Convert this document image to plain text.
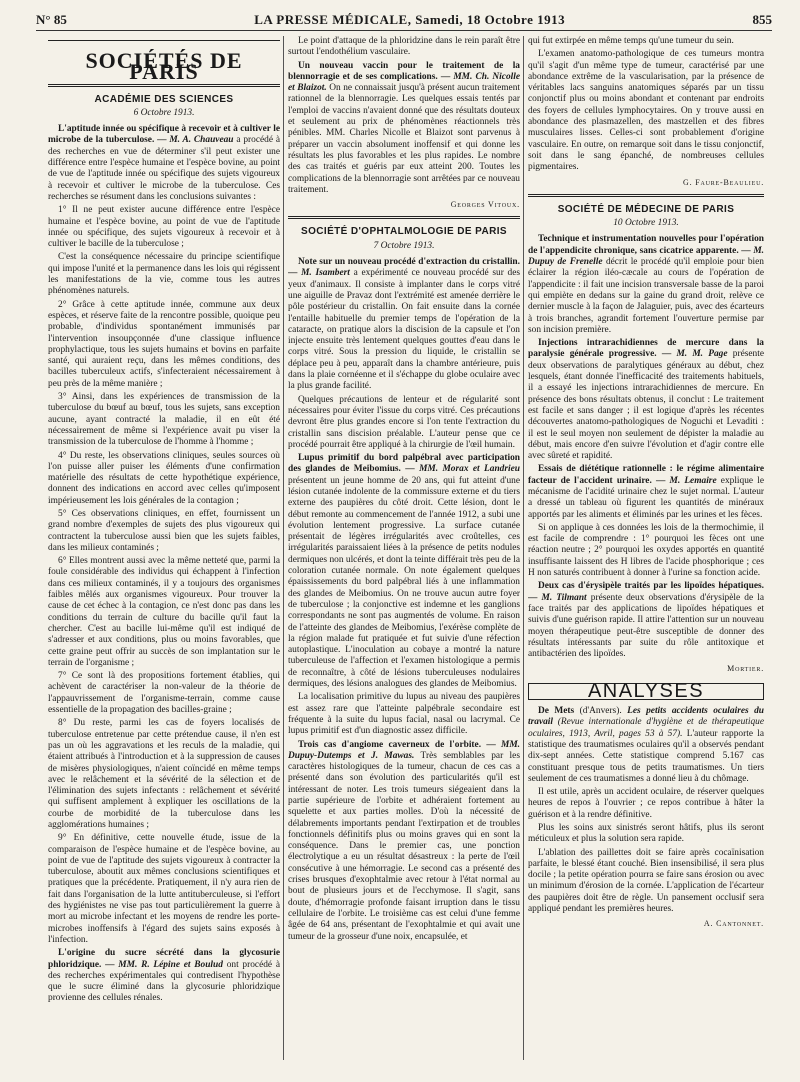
N° 85	LA PRESSE MÉDICALE, Samedi, 18 Octobre 1913	855
SOCIÉTÉS DE PARIS
ACADÉMIE DES SCIENCES
6 Octobre 1913.

L'aptitude innée ou spécifique à recevoir et à cultiver le microbe de la tuberculose. — M. A. Chauveau a procédé à des recherches en vue de déterminer s'il peut exister une différence entre l'espèce humaine et l'espèce bovine, au point de vue de l'aptitude innée ou spécifique des sujets vigoureux à recevoir et cultiver le microbe de la tuberculose. Ces recherches se résument dans les conclusions suivantes :

1° Il ne peut exister aucune différence entre l'espèce humaine et l'espèce bovine, au point de vue de l'aptitude innée ou spécifique, des sujets vigoureux à recevoir et à cultiver le bacille de la tuberculose ;

C'est la conséquence nécessaire du principe scientifique qui impose l'unité et la permanence dans les lois qui régissent les manifestations de la vie, comme tous les autres phénomènes naturels.

2° Grâce à cette aptitude innée, commune aux deux espèces, et réserve faite de la rencontre possible, quoique peu probable, d'individus spontanément immunisés par l'intervention insoupçonnée d'une classique influence prophylactique, tous les sujets humains et bovins en parfaite santé, qui auraient reçu, dans les mêmes conditions, des bacilles tuberculeux actifs, s'infecteraient nécessairement à peu près de la même manière ;

3° Ainsi, dans les expériences de transmission de la tuberculose du bœuf au bœuf, tous les sujets, sans exception aucune, ayant contracté la maladie, il en eût été nécessairement de même si l'expérience avait pu viser la transmission de la tuberculose de l'homme à l'homme ;

4° Du reste, les observations cliniques, seules sources où l'on puisse aller puiser les éléments d'une confirmation matérielle des résultats de cette hypothétique expérience, donnent des indications en accord avec celles qu'imposent impérieusement les lois générales de la contagion ;

5° Ces observations cliniques, en effet, fournissent un grand nombre d'exemples de sujets des plus vigoureux qui contractent la tuberculose aussi bien que les sujets faibles, dans les milieux contaminés ;

6° Elles montrent aussi avec la même netteté que, parmi la foule considérable des individus qui échappent à l'infection dans ces milieux contaminés, il y a toujours des organismes faibles mêlés aux organismes vigoureux. Pour trouver la cause de cet échec à la contagion, ce n'est donc pas dans les conditions du terrain de culture du bacille qu'il faut la chercher. C'est au bacille lui-même qu'il est indiqué de s'adresser et aux conditions, plus ou moins favorables, que cette graine peut offrir au succès de son implantation sur le terrain de l'organisme ;

7° Ce sont là des propositions fortement établies, qui achèvent de caractériser la non-valeur de la théorie de l'appauvrissement de l'organisme-terrain, comme cause essentielle de la propagation des bacilles-graine ;

8° Du reste, parmi les cas de foyers localisés de tuberculose entretenue par cette prétendue cause, il n'en est pas un où les aggravations et les reculs de la maladie, qui étaient attribués à l'introduction et à la suppression de causes de misères physiologiques, n'aient coïncidé en même temps avec le relâchement et la sévérité de la sélection et de l'élimination des sujets infectants : relâchement et sévérité qui suffisent amplement à expliquer les oscillations de la courbe de morbidité de la tuberculose dans les agglomérations humaines ;

9° En définitive, cette nouvelle étude, issue de la comparaison de l'espèce humaine et de l'espèce bovine, au point de vue de l'aptitude des sujets vigoureux à contracter la tuberculose, aboutit aux mêmes conclusions scientifiques et pratiques que la précédente. Pratiquement, il n'y aura rien de fait dans l'organisation de la lutte antituberculeuse, si l'effort des hygiénistes ne vise pas tout particulièrement la guerre à mort au microbe infectant et les moyens de rendre les porte-microbes inoffensifs à l'égard des sujets sains exposés à l'infection.

L'origine du sucre sécrété dans la glycosurie phloridzique. — MM. R. Lépine et Boulud ont procédé à des recherches expérimentales qui contredisent l'hypothèse que le sucre éliminé dans la glycosurie phloridzique provienne des cellules rénales.

Le point d'attaque de la phloridzine dans le rein paraît être surtout l'endothélium vasculaire.

Un nouveau vaccin pour le traitement de la blennorragie et de ses complications. — MM. Ch. Nicolle et Blaizot. On ne connaissait jusqu'à présent aucun traitement rationnel de la blennorragie. Les quelques essais tentés par l'emploi de vaccins n'avaient donné que des résultats douteux et seulement au prix de phénomènes réactionnels très pénibles. MM. Charles Nicolle et Blaizot sont parvenus à préparer un vaccin absolument inoffensif et qui donne les résultats les plus favorables et les plus rapides. Le nombre des cas traités et guéris par eux atteint 200. Toutes les complications de la blennorragie sont arrêtées par ce nouveau traitement.

Georges Vitoux.
SOCIÉTÉ D'OPHTALMOLOGIE DE PARIS
7 Octobre 1913.

Note sur un nouveau procédé d'extraction du cristallin. — M. Isambert a expérimenté ce nouveau procédé sur des yeux d'animaux. Il consiste à implanter dans le corps vitré une aiguille de Pravaz dont l'extrémité est amenée derrière le pôle postérieur du cristallin. On fait ensuite dans la cornée l'entaille habituelle du premier temps de l'opération de la cataracte, on pratique alors la discision de la capsule et l'on injecte ensuite très lentement quelques gouttes d'eau dans le corps vitré. Sous la pression du liquide, le cristallin se déplace peu à peu, apparaît dans la chambre antérieure, puis dans la plaie cornéenne et il s'échappe du globe oculaire avec la plus grande facilité.

Quelques précautions de lenteur et de régularité sont nécessaires pour éviter l'issue du corps vitré. Ces précautions devront être plus grandes encore si l'on tente l'extraction du cristallin sans discision préalable. L'auteur pense que ce procédé pourrait être appliqué à la chirurgie de l'œil humain.

Lupus primitif du bord palpébral avec participation des glandes de Meibomius. — MM. Morax et Landrieu présentent un jeune homme de 20 ans, qui fut atteint d'une lésion cutanée indolente de la commissure externe et du tiers externe des paupières du côté droit. Cette lésion, dont le début remonte au commencement de l'année 1912, a subi une évolution lentement progressive. La surface cutanée présentait de légères irrégularités avec croûtelles, ces irrégularités paraissaient liées à la présence de petits nodules dermiques non ulcérés, et dont la teinte différait très peu de la coloration cutanée normale. On note également quelques épaississements du bord palpébral liés à une inflammation des glandes de Meibomius. On ne trouve aucun autre foyer de tuberculose ; la conjonctive est indemne et les ganglions correspondants ne sont pas augmentés de volume. En raison de l'atteinte des glandes de Meibomius, l'exérèse complète de la région malade fut pratiquée et fut suivie d'une réfection autoplastique. L'inoculation au cobaye a montré la nature tuberculeuse de l'affection et l'examen histologique a permis de reconnaître, à côté de lésions tuberculeuses nodulaires dermiques, des lésions analogues des glandes de Meibomius.

La localisation primitive du lupus au niveau des paupières est assez rare que l'atteinte palpébrale secondaire est fréquente à la suite du lupus facial, nasal ou lacrymal. Ce lupus primitif est d'un diagnostic assez difficile.

Trois cas d'angiome caverneux de l'orbite. — MM. Dupuy-Dutemps et J. Mawas. Très semblables par les caractères histologiques de la tumeur, chacun de ces cas a présenté dans son évolution des particularités qu'il est intéressant de noter. Les trois tumeurs siégeaient dans la partie supérieure de l'orbite et adhéraient fortement au squelette et aux parties molles. D'où la nécessité de délabrements importants pendant l'extirpation et de troubles fonctionnels définitifs plus ou moins graves qui en sont la conséquence. Dans le premier cas, une ponction électrolytique a eu un résultat désastreux : la perte de l'œil consécutive à une hémorragie. Le second cas a présenté des crises brusques d'exophtalmie avec retour à l'état normal au bout de plusieurs jours et de l'ecchymose. Il s'agit, sans doute, d'hémorragie profonde faisant irruption dans le tissu cellulaire de l'orbite. Le troisième cas est celui d'une femme âgée de 64 ans, présentant de l'exophtalmie et qui avait une tumeur de la grosseur d'une noix, encapsulée, et

qui fut extirpée en même temps qu'une tumeur du sein.

L'examen anatomo-pathologique de ces tumeurs montra qu'il s'agit d'un même type de tumeur, caractérisé par une abondance extrême de la vascularisation, par la présence de véritables lacs sanguins anatomiques séparés par un tissu conjonctif plus ou moins abondant et contenant par endroits des foyers de cellules lymphocytaires. On y trouve aussi en abondance des plasmazellen, des mastzellen et des fibres musculaires lisses. Celles-ci sont probablement d'origine vasculaire. En outre, on remarque soit dans le tissu conjonctif, soit dans le sang épanché, de nombreuses cellules pigmentaires.

G. Faure-Beaulieu.
SOCIÉTÉ DE MÉDECINE DE PARIS
10 Octobre 1913.

Technique et instrumentation nouvelles pour l'opération de l'appendicite chronique, sans cicatrice apparente. — M. Dupuy de Frenelle décrit le procédé qu'il emploie pour bien éclairer la région iléo-cæcale au cours de l'opération de l'appendicite : il fait une incision transversale basse de la paroi qui empiète en dedans sur la gaine du grand droit, relève ce dernier muscle à la façon de Jalaguier, puis, avec des écarteurs à trois branches, agrandit fortement l'ouverture permise par son incision première.

Injections intrarachidiennes de mercure dans la paralysie générale progressive. — M. M. Page présente deux observations de paralytiques généraux au début, chez lesquels, étant donnée l'inefficacité des traitements habituels, il a essayé les injections intrarachidiennes de mercure. En présence des bons résultats obtenus, il conclut : Le traitement est facile et sans danger ; il est logique d'après les récentes découvertes anatomo-pathologiques de Noguchi et Levaditi : il est le seul moyen non seulement de dépister la maladie au début, mais encore d'en suivre l'évolution et d'agir contre elle avec sûreté et rapidité.

Essais de diététique rationnelle : le régime alimentaire facteur de l'accident urinaire. — M. Lemaire explique le mécanisme de l'acidité urinaire chez le sujet normal. L'auteur a dressé un tableau où figurent les quantités de minéraux apportés par les aliments et éliminés par les urines et les fèces.

Si on applique à ces données les lois de la thermochimie, il est facile de comprendre : 1° pourquoi les fèces ont une réaction neutre ; 2° pourquoi les oxydes apportés en quantité insuffisante laissent des H libres de l'acide phosphorique ; ces H non saturés contribuent à donner à l'urine sa fonction acide.

Deux cas d'érysipèle traités par les lipoïdes hépatiques. — M. Tilmant présente deux observations d'érysipèle de la face traités par des applications de lipoïdes hépatiques et suivis d'une guérison rapide. Il attire l'attention sur un nouveau moyen thérapeutique peut-être susceptible de donner des résultats intéressants par suite du rôle antitoxique et antibactérien des lipoïdes.

Mortier.
ANALYSES

De Mets (d'Anvers). Les petits accidents oculaires du travail (Revue internationale d'hygiène et de thérapeutique oculaires, 1913, Avril, pages 53 à 57). L'auteur rapporte la statistique des traumatismes oculaires qu'il a observés pendant dix-sept années. Cette statistique comprend 5.167 cas constituant presque tous de petits traumatismes. Un tiers seulement de ces traumatismes a donné lieu à du chômage.

Il est utile, après un accident oculaire, de réserver quelques heures de repos à l'ouvrier ; ce repos contribue à hâter la guérison et à la rendre définitive.

Plus les soins aux sinistrés seront hâtifs, plus ils seront méticuleux et plus la solution sera rapide.

L'ablation des paillettes doit se faire après cocaïnisation parfaite, le blessé étant couché. Bien insensibilisé, il sera plus docile ; la petite opération pourra se faire sans érosion ou avec un minimum d'érosion de la cornée. L'application de l'écarteur des paupières doit être de règle. Un pansement occlusif sera appliqué pendant les premières heures.

A. Cantonnet.
